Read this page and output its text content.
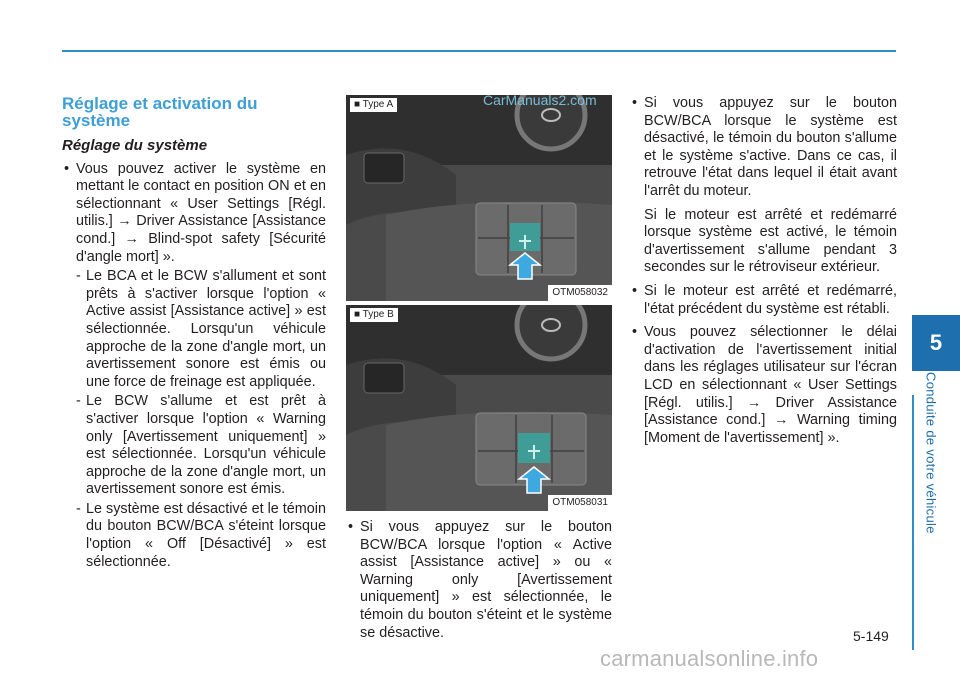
5
Conduite de votre véhicule
Réglage et activation du système
Réglage du système
• Vous pouvez activer le système en mettant le contact en position ON et en sélectionnant « User Settings [Régl. utilis.] → Driver Assistance [Assistance cond.] → Blind-spot safety [Sécurité d'angle mort] ».
- Le BCA et le BCW s'allument et sont prêts à s'activer lorsque l'option « Active assist [Assistance active] » est sélectionnée. Lorsqu'un véhicule approche de la zone d'angle mort, un avertissement sonore est émis ou une force de freinage est appliquée.
- Le BCW s'allume et est prêt à s'activer lorsque l'option « Warning only [Avertissement uniquement] » est sélectionnée. Lorsqu'un véhicule approche de la zone d'angle mort, un avertissement sonore est émis.
- Le système est désactivé et le témoin du bouton BCW/BCA s'éteint lorsque l'option « Off [Désactivé] » est sélectionnée.
■ Type A
OTM058032
■ Type B
OTM058031
• Si vous appuyez sur le bouton BCW/BCA lorsque l'option « Active assist [Assistance active] » ou « Warning only [Avertissement uniquement] » est sélectionnée, le témoin du bouton s'éteint et le système se désactive.
CarManuals2.com
•	Si vous appuyez sur le bouton BCW/BCA lorsque le système est désactivé, le témoin du bouton s'allume et le système s'active. Dans ce cas, il retrouve l'état dans lequel il était avant l'arrêt du moteur.
Si le moteur est arrêté et redémarré lorsque système est activé, le témoin d'avertissement s'allume pendant 3 secondes sur le rétroviseur extérieur.
• Si le moteur est arrêté et redémarré, l'état précédent du système est rétabli.
• Vous pouvez sélectionner le délai d'activation de l'avertissement initial dans les réglages utilisateur sur l'écran LCD en sélectionnant « User Settings [Régl. utilis.] → Driver Assistance [Assistance cond.] → Warning timing [Moment de l'avertissement] ».
5-149
carmanualsonline.info
